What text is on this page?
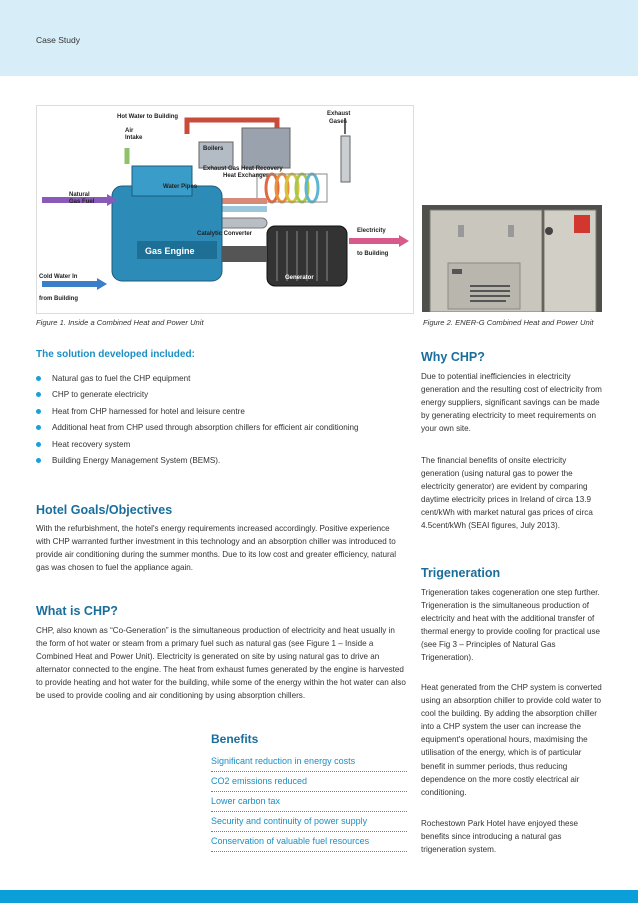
Case Study
Gas Engine
Hot Water to Building	Exhaust
Gases
Air
Intake
Boilers
Exhaust Gas Heat Recovery
Heat Exchanger
Natural
Gas Fuel
Water Pipes
Catalytic Converter	Electricity
to Building
Generator
Cold Water In
from Building
Figure 1. Inside a Combined Heat and Power Unit	Figure 2. ENER-G Combined Heat and Power Unit
The solution developed included:
Natural gas to fuel the CHP equipment
CHP to generate electricity
Heat from CHP harnessed for hotel and leisure centre
Additional heat from CHP used through absorption chillers for efficient air conditioning
Heat recovery system
Building Energy Management System (BEMS).
Hotel Goals/Objectives

With the refurbishment, the hotel's energy requirements increased accordingly. Positive experience with CHP warranted further investment in this technology and an absorption chiller was introduced to provide air conditioning during the summer months. Due to its low cost and greater efficiency, natural gas was chosen to fuel the appliance again.

What is CHP?

CHP, also known as “Co-Generation” is the simultaneous production of electricity and heat usually in the form of hot water or steam from a primary fuel such as natural gas (see Figure 1 – Inside a Combined Heat and Power Unit). Electricity is generated on site by using natural gas to drive an alternator connected to the engine. The heat from exhaust fumes generated by the engine is harvested to provide heating and hot water for the building, while some of the energy within the hot water can also be used to provide cooling and air conditioning by using absorption chillers.

Benefits
Significant reduction in energy costs
CO2 emissions reduced
Lower carbon tax
Security and continuity of power supply
Conservation of valuable fuel resources
Why CHP?

Due to potential inefficiencies in electricity generation and the resulting cost of electricity from energy suppliers, significant savings can be made by generating electricity to meet requirements on your own site.

The financial benefits of onsite electricity generation (using natural gas to power the electricity generator) are evident by comparing daytime electricity prices in Ireland of circa 13.9 cent/kWh with market natural gas prices of circa 4.5cent/kWh (SEAI figures, July 2013).

Trigeneration

Trigeneration takes cogeneration one step further. Trigeneration is the simultaneous production of electricity and heat with the additional transfer of thermal energy to provide cooling for practical use (see Fig 3 – Principles of Natural Gas Trigeneration).

Heat generated from the CHP system is converted using an absorption chiller to provide cold water to cool the building. By adding the absorption chiller into a CHP system the user can increase the equipment's operational hours, maximising the utilisation of the energy, which is of particular benefit in summer periods, thus reducing dependence on the more costly electrical air conditioning.

Rochestown Park Hotel have enjoyed these benefits since introducing a natural gas trigeneration system.
